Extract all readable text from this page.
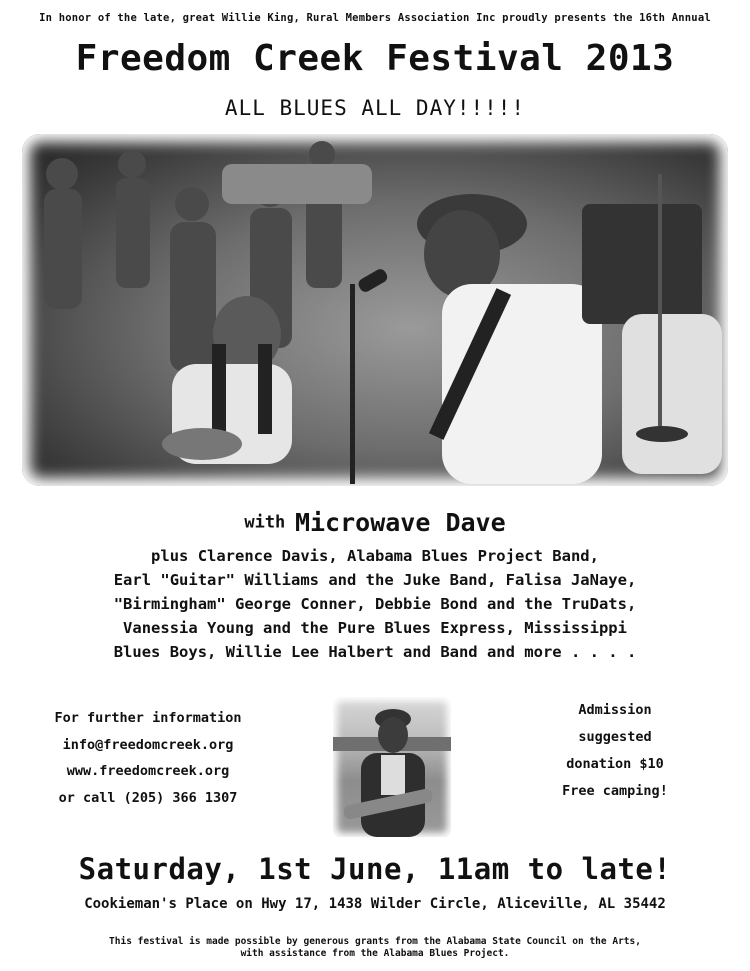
In honor of the late, great Willie King, Rural Members Association Inc proudly presents the 16th Annual
Freedom Creek Festival 2013
ALL BLUES ALL DAY!!!!!
with Microwave Dave
plus Clarence Davis, Alabama Blues Project Band,
Earl "Guitar" Williams and the Juke Band, Falisa JaNaye,
"Birmingham" George Conner, Debbie Bond and the TruDats,
Vanessia Young and the Pure Blues Express, Mississippi
Blues Boys, Willie Lee Halbert and Band and more . . . .
For further information
info@freedomcreek.org
www.freedomcreek.org
or call (205) 366 1307
Admission
suggested
donation $10
Free camping!
Saturday, 1st June, 11am to late!
Cookieman's Place on Hwy 17, 1438 Wilder Circle, Aliceville, AL 35442
This festival is made possible by generous grants from the Alabama State Council on the Arts,
with assistance from the Alabama Blues Project.
